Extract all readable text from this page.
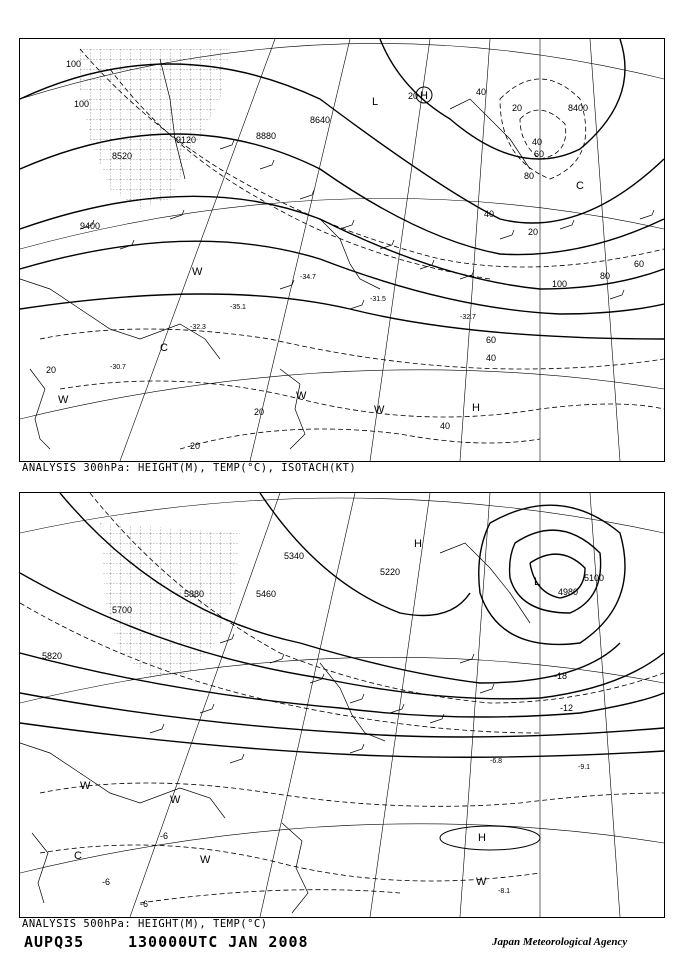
8520
8640
8880
9120
9400
8400
100
100
40
20
40
60
80
20
40
60
40
60
80
100
20
20
20
20
40
-32.7
-31.5
-34.7
-35.1
-32.3
-30.7
H
L
C
C
W
W	W
W	H
ANALYSIS 300hPa: HEIGHT(M), TEMP(°C), ISOTACH(KT)
5700
5820
5880	5460
5340
5220
4980
5100
-6.8
-9.1
-8.1
-18
-12
-6
-6
-6
H
L
W
W
W
C
H
W
ANALYSIS 500hPa: HEIGHT(M), TEMP(°C)
AUPQ35	130000UTC JAN 2008	Japan Meteorological Agency
